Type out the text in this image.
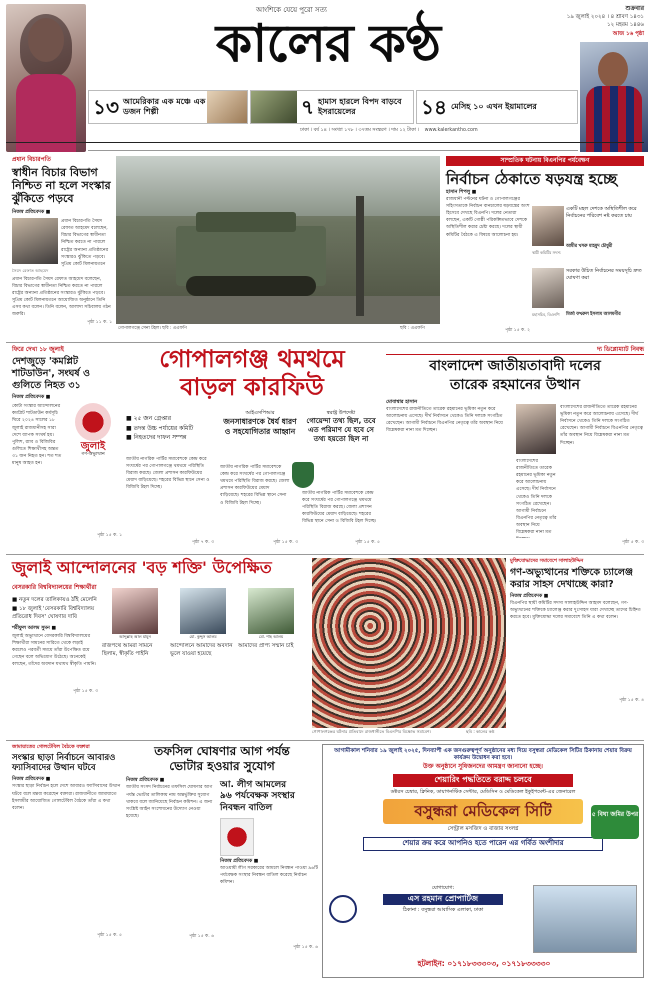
আংশিকে যেয়ে পুরো সত্য
কালের কণ্ঠ
শুক্রবার
১৯ জুলাই ২০২৪ । ৪ শ্রাবণ ১৪৩১
১২ মহরম ১৪৪৬
আজ ১৬ পৃষ্ঠা
১৩ আমেরিকার এক মঞ্চে এক ডজন শিল্পী	৭ হামাস হারলে বিপদ বাড়বে ইসরায়েলের	১৪ মেসিহ ১০ এখন ইয়ামালের
ঢাকা । বর্ষ ১৪ । সংখ্যা ১৭৮ । ৩৭তম সংস্করণ । দাম ১২ টাকা । www.kalerkantho.com
প্রধান বিচারপতি
স্বাধীন বিচার বিভাগ নিশ্চিত না হলে সংস্কার ঝুঁকিতে পড়বে
নিজস্ব প্রতিবেদক ■
প্রধান বিচারপতি সৈয়দ রেফাত আহমেদ বলেছেন, বিচার বিভাগের স্বাধীনতা নিশ্চিত করতে না পারলে রাষ্ট্রের অন্যান্য প্রতিষ্ঠানের সংস্কারও ঝুঁকিতে পড়বে। সুপ্রিম কোর্ট মিলনায়তনে
সৈয়দ রেফাত আহমেদ
প্রধান বিচারপতি সৈয়দ রেফাত আহমেদ বলেছেন, বিচার বিভাগের স্বাধীনতা নিশ্চিত করতে না পারলে রাষ্ট্রের অন্যান্য প্রতিষ্ঠানের সংস্কারও ঝুঁকিতে পড়বে। সুপ্রিম কোর্ট মিলনায়তনে আয়োজিত অনুষ্ঠানে তিনি এসব কথা বলেন। তিনি বলেন, আলাদা সচিবালয় গঠন জরুরি।
পৃষ্ঠা ১১ ক. ১
গোপালগঞ্জে সেনা টহল। ছবি : এএফপি	ছবি : এএফপি
সাম্প্রতিক ঘটনায় বিএনপির পর্যবেক্ষণ
নির্বাচন ঠেকাতে ষড়যন্ত্র হচ্ছে
হাসান শিপলু ■
রাজধানী পল্টনের ঘটনা ও গোপালগঞ্জের সহিংসতাকে নির্বাচন বানচালের ষড়যন্ত্রের অংশ হিসেবে দেখছে বিএনপি। দলের নেতারা বলছেন, একটি গোষ্ঠী পরিকল্পিতভাবে দেশকে অস্থিতিশীল করার চেষ্টা করছে। দলের স্থায়ী কমিটির বৈঠকে এ বিষয়ে আলোচনা হয়।
একটি মহল দেশকে অস্থিতিশীল করে নির্বাচনের পরিবেশ নষ্ট করতে চায়
আমীর খসরু মাহমুদ চৌধুরী
স্থায়ী কমিটির সদস্য
সরকার উচিত নির্বাচনের সময়সূচি দ্রুত ঘোষণা করা
মির্জা ফখরুল ইসলাম আলমগীর
মহাসচিব, বিএনপি
পৃষ্ঠা ১৫ ক. ২
ফিরে দেখা ১৮ জুলাই
দেশজুড়ে 'কমপ্লিট শাটডাউন', সংঘর্ষ ও গুলিতে নিহত ৩১
নিজস্ব প্রতিবেদক ■
কোটা সংস্কার আন্দোলনের কমপ্লিট শাটডাউন কর্মসূচি ঘিরে ২০২৪ সালের ১৮ জুলাই রাজধানীসহ সারা দেশে ব্যাপক সংঘর্ষ হয়। পুলিশ, র‍্যাব ও বিজিবির গুলিতে শিক্ষার্থীসহ অন্তত ৩১ জন নিহত হন। শত শত মানুষ আহত হন।
জুলাই
গণ-অভ্যুত্থান
পৃষ্ঠা ১৫ ক. ১
গোপালগঞ্জ থমথমে
বাড়ল কারফিউ
■ ২৫ জন গ্রেপ্তার
■ তদন্ত উচ্চ পর্যায়ের কমিটি
■ নিহতদের দাফন সম্পন্ন
আইএসপিআর
জনসাধারণকে ধৈর্য ধারণ ও সহযোগিতার আহ্বান
স্বরাষ্ট্র উপদেষ্টা
গোয়েন্দা তথ্য ছিল, তবে এত পরিমাণ যে হবে সে তথ্য হয়তো ছিল না
জাতীয় নাগরিক পার্টির সমাবেশকে কেন্দ্র করে সংঘর্ষের পর গোপালগঞ্জে থমথমে পরিস্থিতি বিরাজ করছে। জেলা প্রশাসন কারফিউয়ের মেয়াদ বাড়িয়েছে। শহরের বিভিন্ন স্থানে সেনা ও বিজিবি টহল দিচ্ছে।
জাতীয় নাগরিক পার্টির সমাবেশকে কেন্দ্র করে সংঘর্ষের পর গোপালগঞ্জে থমথমে পরিস্থিতি বিরাজ করছে। জেলা প্রশাসন কারফিউয়ের মেয়াদ বাড়িয়েছে। শহরের বিভিন্ন স্থানে সেনা ও বিজিবি টহল দিচ্ছে।
জাতীয় নাগরিক পার্টির সমাবেশকে কেন্দ্র করে সংঘর্ষের পর গোপালগঞ্জে থমথমে পরিস্থিতি বিরাজ করছে। জেলা প্রশাসন কারফিউয়ের মেয়াদ বাড়িয়েছে। শহরের বিভিন্ন স্থানে সেনা ও বিজিবি টহল দিচ্ছে।
পৃষ্ঠা ৭ ক. ৩	পৃষ্ঠা ১৫ ক. ৩	পৃষ্ঠা ১৫ ক. ৫
দ্য ডিপ্লোম্যাট নিবন্ধ
বাংলাদেশ জাতীয়তাবাদী দলের
তারেক রহমানের উত্থান
মোবাশ্বার হাসান
বাংলাদেশের রাজনীতিতে তারেক রহমানের ভূমিকা নতুন করে আলোচনায় এসেছে। দীর্ঘ নির্বাসনে থেকেও তিনি দলকে সংগঠিত রেখেছেন। আগামী নির্বাচনে বিএনপির নেতৃত্বে তাঁর অবস্থান নিয়ে বিশ্লেষকরা নানা মত দিচ্ছেন।
বাংলাদেশের রাজনীতিতে তারেক রহমানের ভূমিকা নতুন করে আলোচনায় এসেছে। দীর্ঘ নির্বাসনে থেকেও তিনি দলকে সংগঠিত রেখেছেন। আগামী নির্বাচনে বিএনপির নেতৃত্বে তাঁর অবস্থান নিয়ে বিশ্লেষকরা নানা মত দিচ্ছেন।
বাংলাদেশের রাজনীতিতে তারেক রহমানের ভূমিকা নতুন করে আলোচনায় এসেছে। দীর্ঘ নির্বাসনে থেকেও তিনি দলকে সংগঠিত রেখেছেন। আগামী নির্বাচনে বিএনপির নেতৃত্বে তাঁর অবস্থান নিয়ে বিশ্লেষকরা নানা মত
পৃষ্ঠা ৫ ক. ৩
জুলাই আন্দোলনের 'বড় শক্তি' উপেক্ষিত
বেসরকারি বিশ্ববিদ্যালয়ের শিক্ষার্থীরা
■ নতুন দলের তালিকায়ও ঠাঁই মেলেনি
■ ১৮ জুলাই 'বেসরকারি বিশ্ববিদ্যালয় প্রতিরোধ দিবস' ঘোষণার দাবি
শরীফুল আলম সুমন ■
জুলাই অভ্যুত্থানে বেসরকারি বিশ্ববিদ্যালয়ের শিক্ষার্থীরা সামনের সারিতে থেকে লড়াই করলেও পরবর্তী সময়ে তাঁরা উপেক্ষিত রয়ে গেছেন বলে অভিযোগ উঠেছে। অনেকেই বলছেন, তাঁদের অবদান যথাযথ স্বীকৃতি পায়নি।
পৃষ্ঠা ১৫ ক. ৩
আব্দুল্লাহ আল মামুন
রাজপথে আমরা সামনে ছিলাম, স্বীকৃতি পাইনি
মো. কুদ্দুস আলম
আন্দোলনে আমাদের অবদান ভুলে যাওয়া হয়েছে
মো. শাহ আলম
আমাদের প্রাপ্য সম্মান চাই
গোপালগঞ্জের ঘটনার প্রতিবাদে রাজধানীতে বিএনপির বিক্ষোভ সমাবেশ।	ছবি : কালের কণ্ঠ
মুক্তিযোদ্ধাদের সমাবেশে সালাহউদ্দিন
গণ-অভ্যুত্থানের শক্তিকে চ্যালেঞ্জ করার সাহস দেখাচ্ছে কারা?
নিজস্ব প্রতিবেদক ■
বিএনপির স্থায়ী কমিটির সদস্য সালাহউদ্দিন আহমদ বলেছেন, গণ-অভ্যুত্থানের শক্তিকে চ্যালেঞ্জ করার দুঃসাহস যারা দেখাচ্ছে তাদের চিহ্নিত করতে হবে। মুক্তিযোদ্ধা দলের সমাবেশে তিনি এ কথা বলেন।
পৃষ্ঠা ১৫ ক. ৪
জামায়াতের গোলটেবিল বৈঠকে বক্তারা
সংস্কার ছাড়া নির্বাচনে আবারও ফ্যাসিবাদের উত্থান ঘটবে
নিজস্ব প্রতিবেদক ■
সংস্কার ছাড়া নির্বাচন হলে দেশে আবারও ফ্যাসিবাদের উত্থান ঘটবে বলে মন্তব্য করেছেন বক্তারা। রাজধানীতে জামায়াতে ইসলামীর আয়োজিত গোলটেবিল বৈঠকে তাঁরা এ কথা বলেন।
পৃষ্ঠা ১৫ ক. ৫
তফসিল ঘোষণার আগ পর্যন্ত
ভোটার হওয়ার সুযোগ
নিজস্ব প্রতিবেদক ■
জাতীয় সংসদ নির্বাচনের তফসিল ঘোষণার আগ পর্যন্ত ভোটার তালিকায় নাম অন্তর্ভুক্তির সুযোগ থাকবে বলে জানিয়েছে নির্বাচন কমিশন। এ জন্য সংশ্লিষ্ট আইন সংশোধনের উদ্যোগ নেওয়া হয়েছে।
পৃষ্ঠা ১৫ ক. ৬
আ. লীগ আমলের
৯৬ পর্যবেক্ষক সংস্থার নিবন্ধন বাতিল
নিজস্ব প্রতিবেদক ■
আওয়ামী লীগ সরকারের আমলে নিবন্ধন পাওয়া ৯৬টি পর্যবেক্ষক সংস্থার নিবন্ধন বাতিল করেছে নির্বাচন কমিশন।
পৃষ্ঠা ১৫ ক. ৬
আগামীকাল শনিবার ১৯ জুলাই ২০২৫, দিনব্যাপী এক জনগুরুত্বপূর্ণ অনুষ্ঠানের মধ্য দিয়ে বসুন্ধরা মেডিকেল সিটির ঠিকানায় শেয়ার বিক্রয় কার্যক্রম উদ্বোধন করা হবে।
উক্ত অনুষ্ঠানে সুধিজনদের আমন্ত্রণ জানানো হচ্ছে।
শেয়ারিং পদ্ধতিতে বরাদ্দ চলবে
ডক্টরস চেম্বার, ক্লিনিক, ডায়াগনস্টিক সেন্টার, মেডিসিন ও মেডিকেল ইকুইপমেন্ট-এর জেনারেল
বসুন্ধরা মেডিকেল সিটি
সেন্ট্রাল মসজিদ ও বাজার সংলগ্ন
৫ বিঘা জমির উপর
শেয়ার ক্রয় করে আপনিও হতে পারেন এর গর্বিত অংশীদার
যোগাযোগ:
এস রহমান প্রোপার্টিজ
ঠিকানা : বসুন্ধরা আবাসিক এলাকা, ঢাকা
হটলাইন: ০১৭১৮৩৩৩০৩, ০১৭১৮৩৩৩৩০
